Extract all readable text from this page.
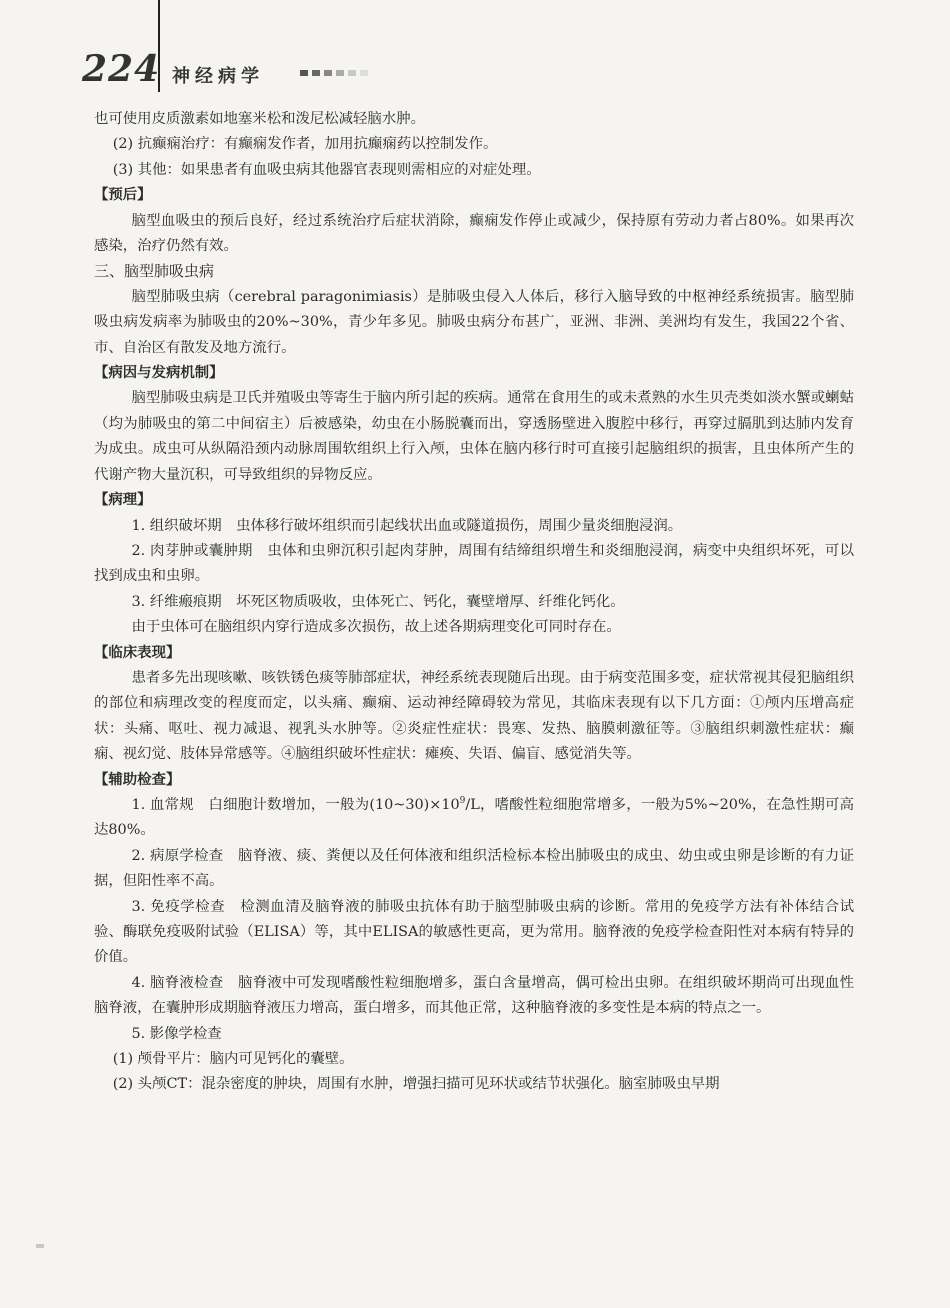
224 神经病学

也可使用皮质激素如地塞米松和泼尼松减轻脑水肿。

(2) 抗癫痫治疗：有癫痫发作者，加用抗癫痫药以控制发作。

(3) 其他：如果患者有血吸虫病其他器官表现则需相应的对症处理。

【预后】

脑型血吸虫的预后良好，经过系统治疗后症状消除，癫痫发作停止或减少，保持原有劳动力者占80%。如果再次感染，治疗仍然有效。

三、脑型肺吸虫病

脑型肺吸虫病（cerebral paragonimiasis）是肺吸虫侵入人体后，移行入脑导致的中枢神经系统损害。脑型肺吸虫病发病率为肺吸虫的20%~30%，青少年多见。肺吸虫病分布甚广，亚洲、非洲、美洲均有发生，我国22个省、市、自治区有散发及地方流行。

【病因与发病机制】

脑型肺吸虫病是卫氏并殖吸虫等寄生于脑内所引起的疾病。通常在食用生的或未煮熟的水生贝壳类如淡水蟹或蝲蛄（均为肺吸虫的第二中间宿主）后被感染，幼虫在小肠脱囊而出，穿透肠壁进入腹腔中移行，再穿过膈肌到达肺内发育为成虫。成虫可从纵隔沿颈内动脉周围软组织上行入颅，虫体在脑内移行时可直接引起脑组织的损害，且虫体所产生的代谢产物大量沉积，可导致组织的异物反应。

【病理】

1. 组织破坏期　虫体移行破坏组织而引起线状出血或隧道损伤，周围少量炎细胞浸润。

2. 肉芽肿或囊肿期　虫体和虫卵沉积引起肉芽肿，周围有结缔组织增生和炎细胞浸润，病变中央组织坏死，可以找到成虫和虫卵。

3. 纤维瘢痕期　坏死区物质吸收，虫体死亡、钙化，囊壁增厚、纤维化钙化。

由于虫体可在脑组织内穿行造成多次损伤，故上述各期病理变化可同时存在。

【临床表现】

患者多先出现咳嗽、咳铁锈色痰等肺部症状，神经系统表现随后出现。由于病变范围多变，症状常视其侵犯脑组织的部位和病理改变的程度而定，以头痛、癫痫、运动神经障碍较为常见，其临床表现有以下几方面：①颅内压增高症状：头痛、呕吐、视力减退、视乳头水肿等。②炎症性症状：畏寒、发热、脑膜刺激征等。③脑组织刺激性症状：癫痫、视幻觉、肢体异常感等。④脑组织破坏性症状：瘫痪、失语、偏盲、感觉消失等。

【辅助检查】

1. 血常规　白细胞计数增加，一般为$(10\sim 30)\times 10^9/L$，嗜酸性粒细胞常增多，一般为5%~20%，在急性期可高达80%。

2. 病原学检查　脑脊液、痰、粪便以及任何体液和组织活检标本检出肺吸虫的成虫、幼虫或虫卵是诊断的有力证据，但阳性率不高。

3. 免疫学检查　检测血清及脑脊液的肺吸虫抗体有助于脑型肺吸虫病的诊断。常用的免疫学方法有补体结合试验、酶联免疫吸附试验（ELISA）等，其中ELISA的敏感性更高，更为常用。脑脊液的免疫学检查阳性对本病有特异的价值。

4. 脑脊液检查　脑脊液中可发现嗜酸性粒细胞增多，蛋白含量增高，偶可检出虫卵。在组织破坏期尚可出现血性脑脊液，在囊肿形成期脑脊液压力增高，蛋白增多，而其他正常，这种脑脊液的多变性是本病的特点之一。

5. 影像学检查

(1) 颅骨平片：脑内可见钙化的囊壁。

(2) 头颅CT：混杂密度的肿块，周围有水肿，增强扫描可见环状或结节状强化。脑室肺吸虫早期
